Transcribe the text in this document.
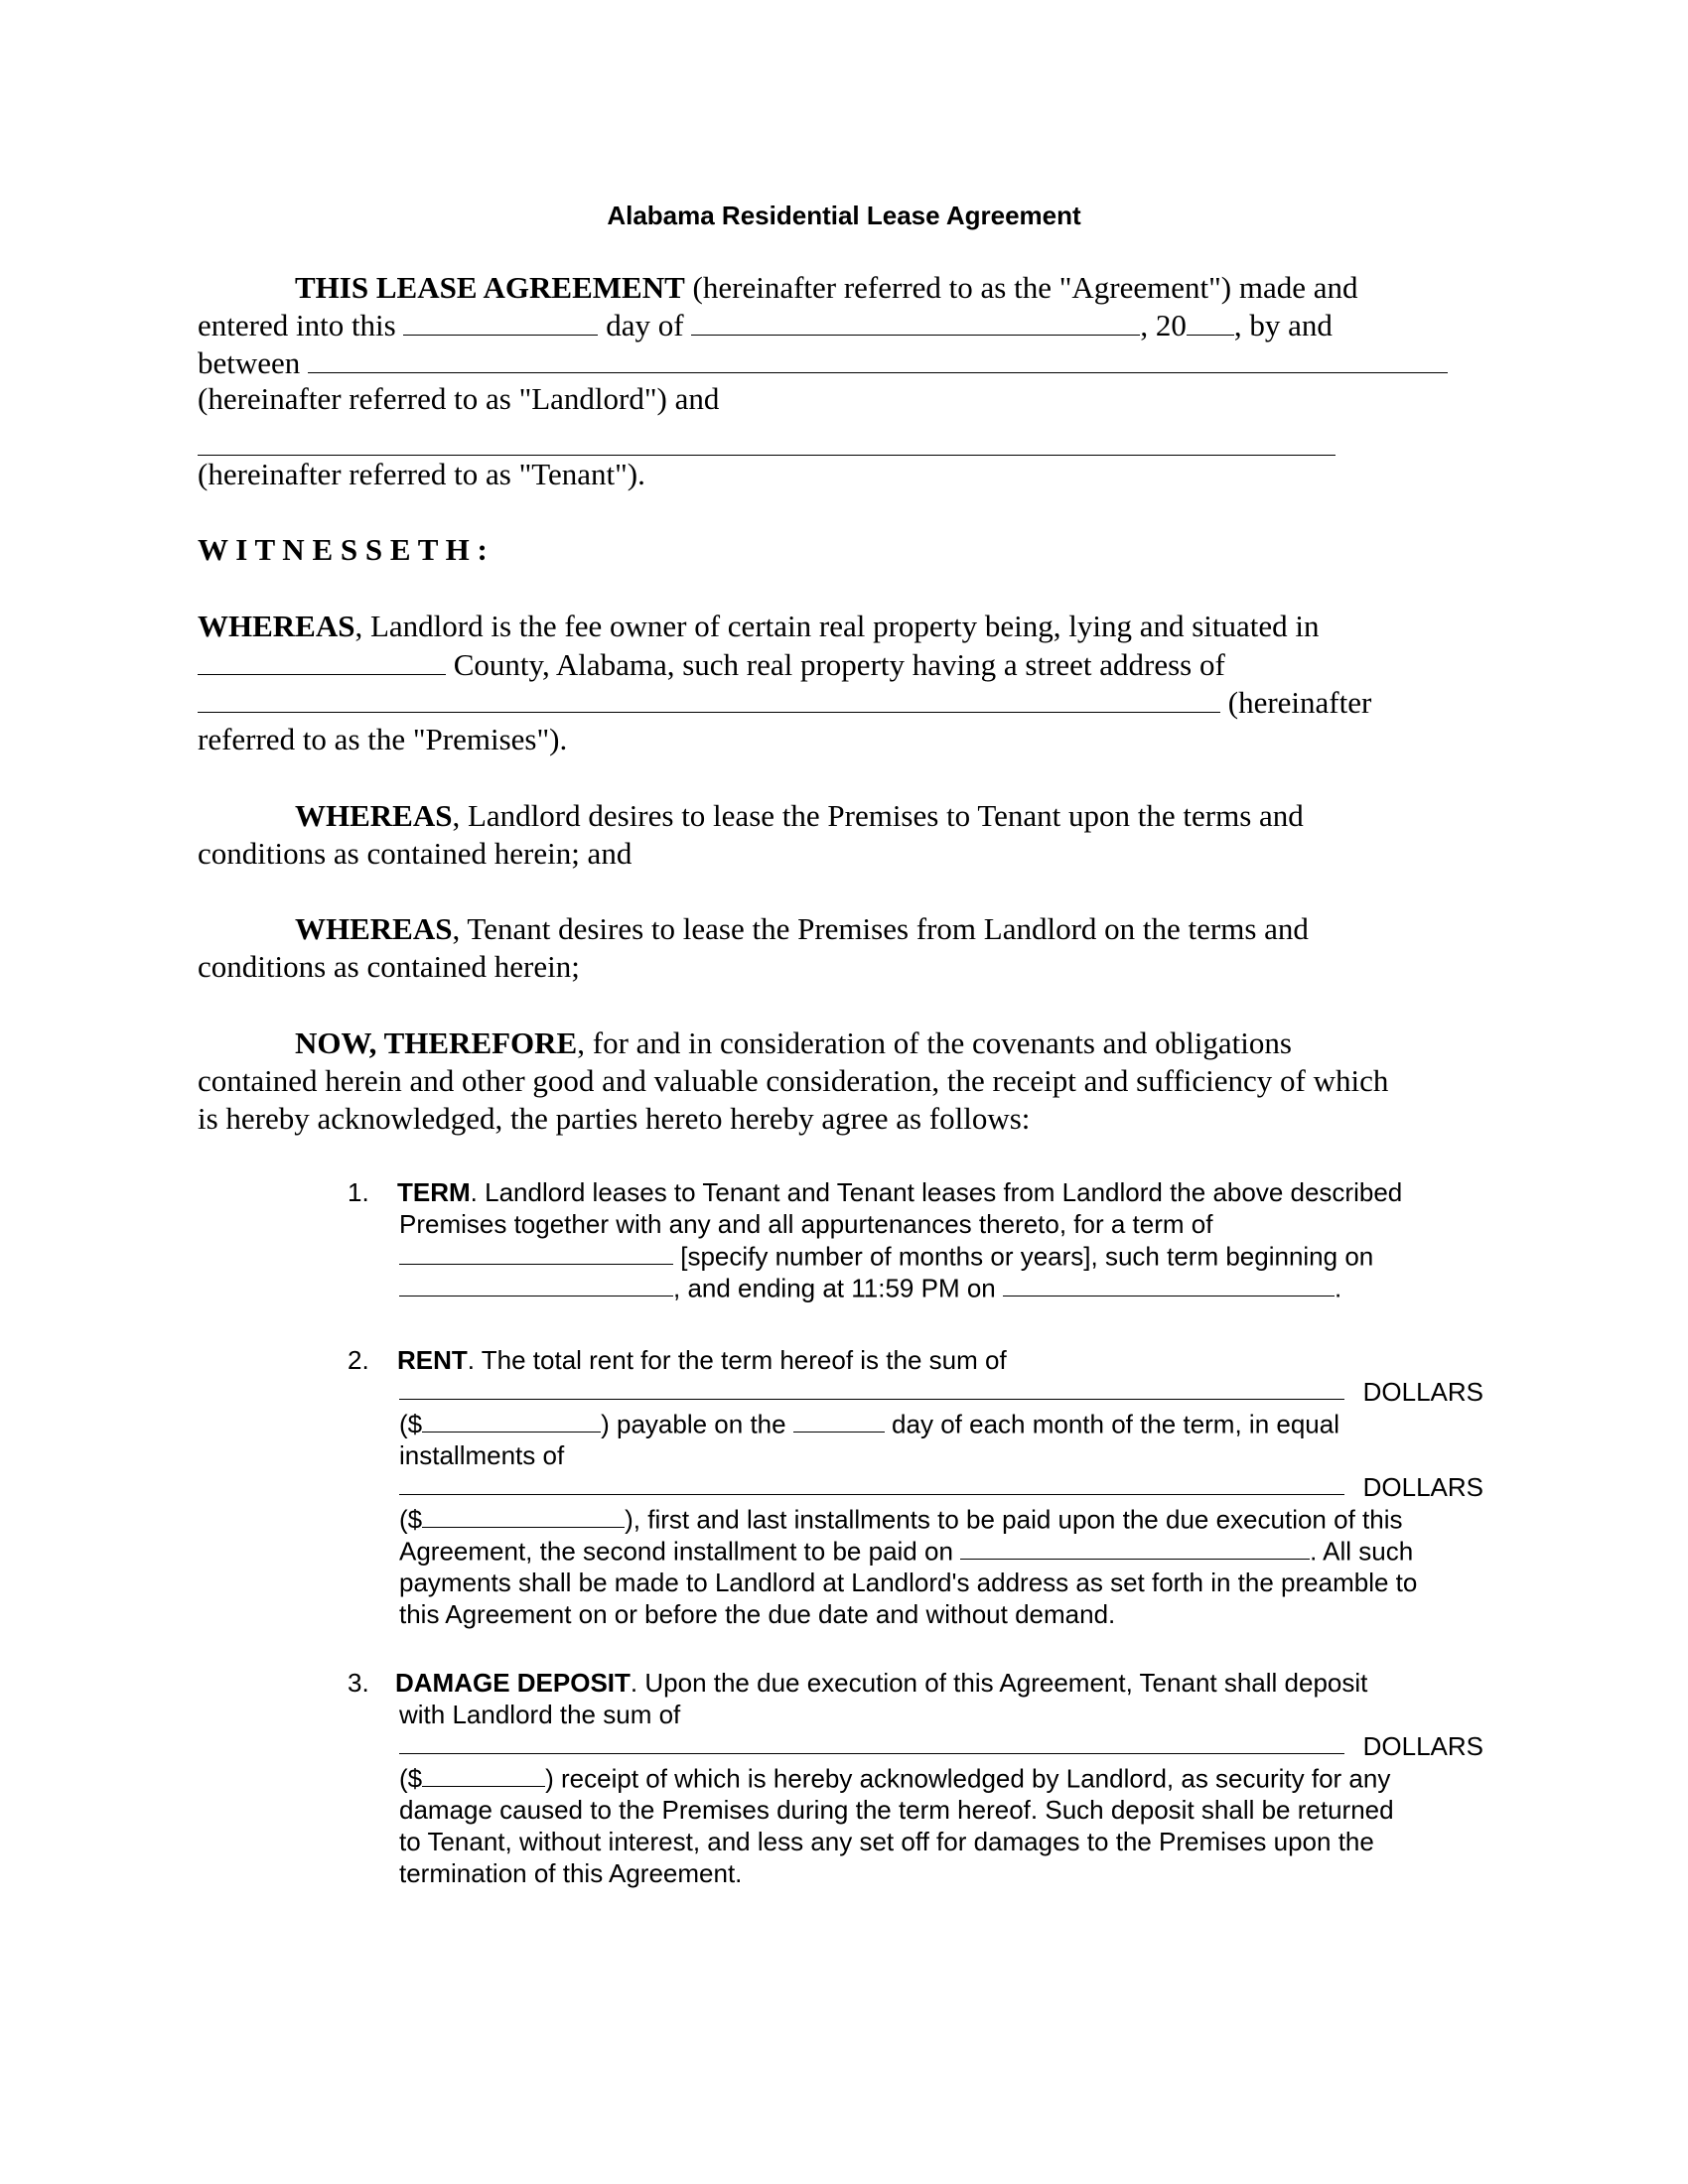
Alabama Residential Lease Agreement
THIS LEASE AGREEMENT (hereinafter referred to as the "Agreement") made and
entered into this	day of	, 20 , by and
between
(hereinafter referred to as "Landlord") and
(hereinafter referred to as "Tenant").
W I T N E S S E T H :
WHEREAS, Landlord is the fee owner of certain real property being, lying and situated in
County, Alabama, such real property having a street address of
(hereinafter
referred to as the "Premises").
WHEREAS, Landlord desires to lease the Premises to Tenant upon the terms and
conditions as contained herein; and
WHEREAS, Tenant desires to lease the Premises from Landlord on the terms and
conditions as contained herein;
NOW, THEREFORE, for and in consideration of the covenants and obligations
contained herein and other good and valuable consideration, the receipt and sufficiency of which
is hereby acknowledged, the parties hereto hereby agree as follows:
1. TERM. Landlord leases to Tenant and Tenant leases from Landlord the above described
Premises together with any and all appurtenances thereto, for a term of
[specify number of months or years], such term beginning on
, and ending at 11:59 PM on	.
2. RENT. The total rent for the term hereof is the sum of
DOLLARS
($	) payable on the	day of each month of the term, in equal
installments of
DOLLARS
($	), first and last installments to be paid upon the due execution of this
Agreement, the second installment to be paid on	. All such
payments shall be made to Landlord at Landlord's address as set forth in the preamble to
this Agreement on or before the due date and without demand.
3. DAMAGE DEPOSIT. Upon the due execution of this Agreement, Tenant shall deposit
with Landlord the sum of
DOLLARS
($	) receipt of which is hereby acknowledged by Landlord, as security for any
damage caused to the Premises during the term hereof. Such deposit shall be returned
to Tenant, without interest, and less any set off for damages to the Premises upon the
termination of this Agreement.
